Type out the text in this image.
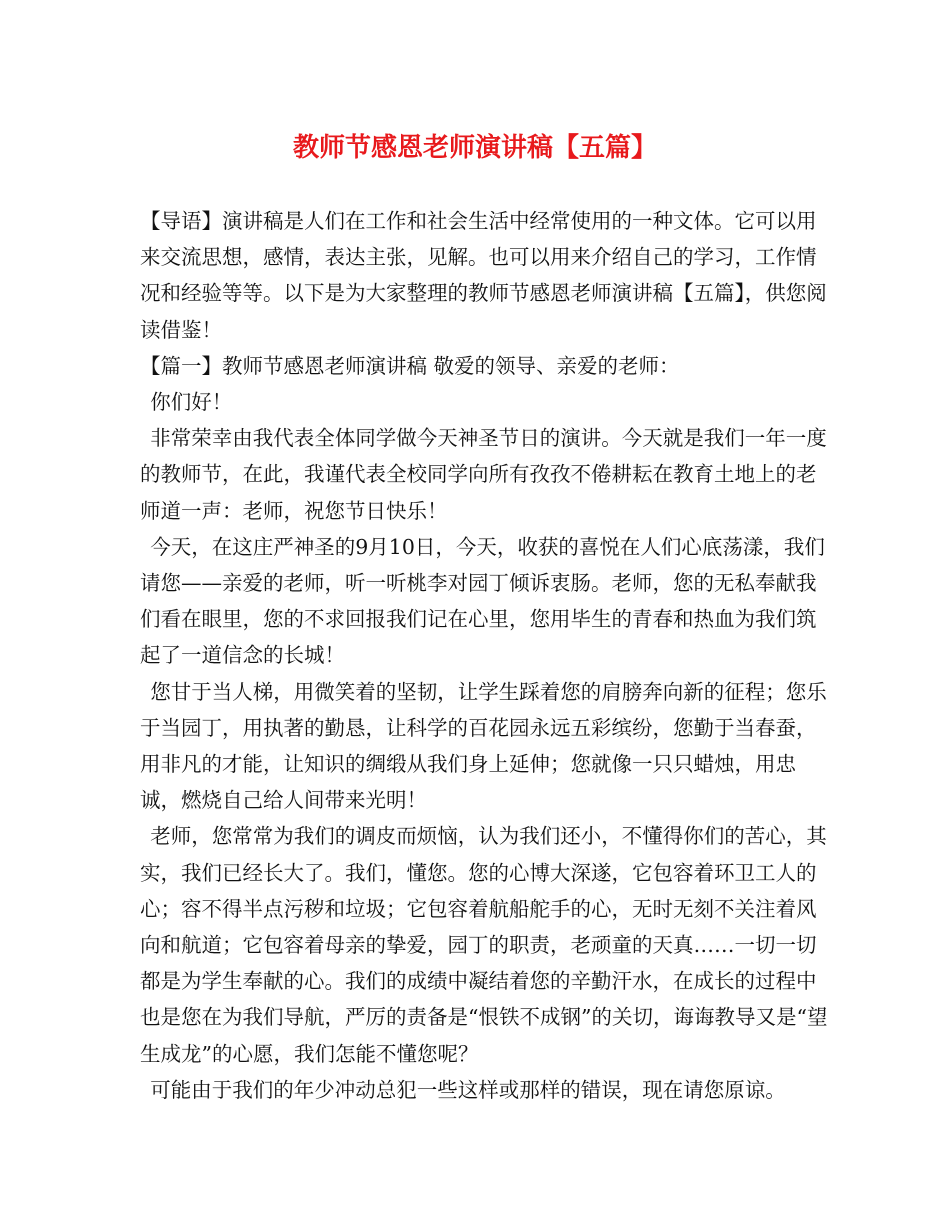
教师节感恩老师演讲稿【五篇】

【导语】演讲稿是人们在工作和社会生活中经常使用的一种文体。它可以用来交流思想，感情，表达主张，见解。也可以用来介绍自己的学习，工作情况和经验等等。以下是为大家整理的教师节感恩老师演讲稿【五篇】，供您阅读借鉴！

【篇一】教师节感恩老师演讲稿 敬爱的领导、亲爱的老师：

你们好！

非常荣幸由我代表全体同学做今天神圣节日的演讲。今天就是我们一年一度的教师节，在此，我谨代表全校同学向所有孜孜不倦耕耘在教育土地上的老师道一声：老师，祝您节日快乐！

今天，在这庄严神圣的9月10日，今天，收获的喜悦在人们心底荡漾，我们请您——亲爱的老师，听一听桃李对园丁倾诉衷肠。老师，您的无私奉献我们看在眼里，您的不求回报我们记在心里，您用毕生的青春和热血为我们筑起了一道信念的长城！

您甘于当人梯，用微笑着的坚韧，让学生踩着您的肩膀奔向新的征程；您乐于当园丁，用执著的勤恳，让科学的百花园永远五彩缤纷，您勤于当春蚕，用非凡的才能，让知识的绸缎从我们身上延伸；您就像一只只蜡烛，用忠诚，燃烧自己给人间带来光明！

老师，您常常为我们的调皮而烦恼，认为我们还小，不懂得你们的苦心，其实，我们已经长大了。我们，懂您。您的心博大深遂，它包容着环卫工人的心；容不得半点污秽和垃圾；它包容着航船舵手的心，无时无刻不关注着风向和航道；它包容着母亲的挚爱，园丁的职责，老顽童的天真……一切一切都是为学生奉献的心。我们的成绩中凝结着您的辛勤汗水，在成长的过程中也是您在为我们导航，严厉的责备是“恨铁不成钢”的关切，诲诲教导又是“望生成龙”的心愿，我们怎能不懂您呢？

可能由于我们的年少冲动总犯一些这样或那样的错误，现在请您原谅。
